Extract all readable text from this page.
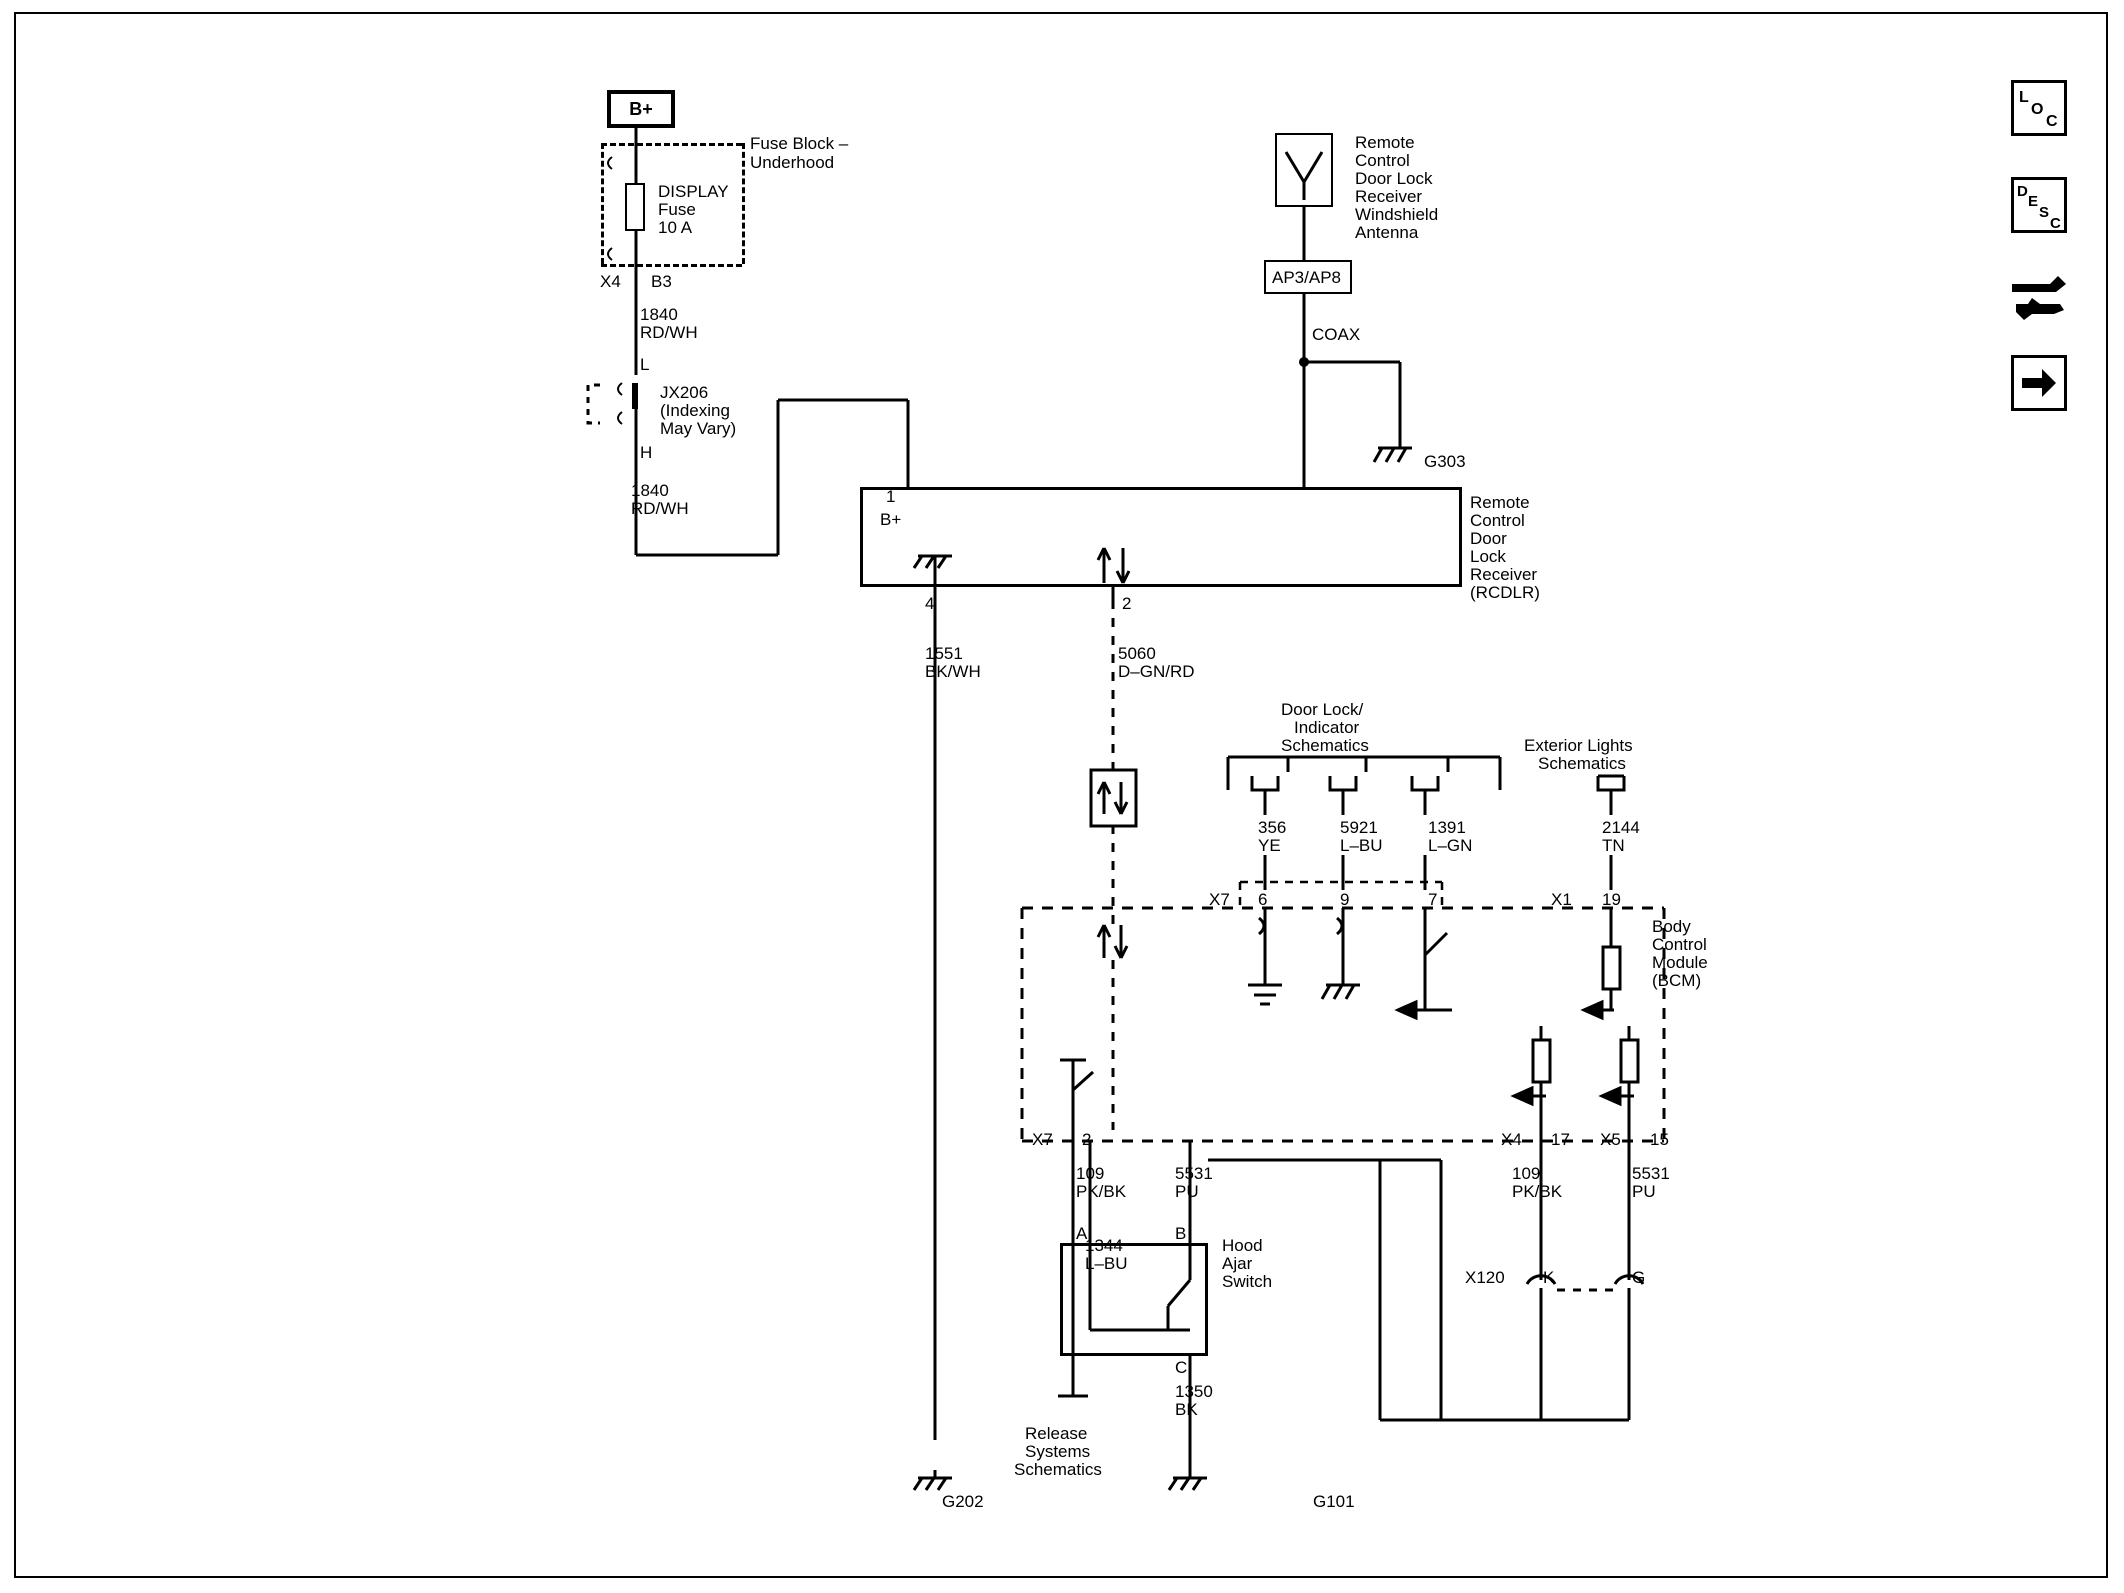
L
O
C
D
E
S
C
B+
Fuse Block –
Underhood
DISPLAY
Fuse
10 A
X4 B3
1840
RD/WH
L
JX206
(Indexing
May Vary)
H
1840
RD/WH
Remote
Control
Door Lock
Receiver
Windshield
Antenna
AP3/AP8
COAX
G303
1
B+
4	2
Remote
Control
Door
Lock
Receiver
(RCDLR)
1551
BK/WH
5060
D–GN/RD
Door Lock/
Indicator
Schematics	Exterior Lights
Schematics
356
YE
5921
L–BU
1391
L–GN
2144
TN
X7 6	9	7	X1 19
Body
Control
Module
(BCM)
X7 2	X4 17 X5 15
109
PK/BK
5531
PU
A	B
C
Hood
Ajar
Switch
1350
BK
X120 K	G
109
PK/BK
5531
PU
1344
L–BU
Release
Systems
Schematics
G202	G101
